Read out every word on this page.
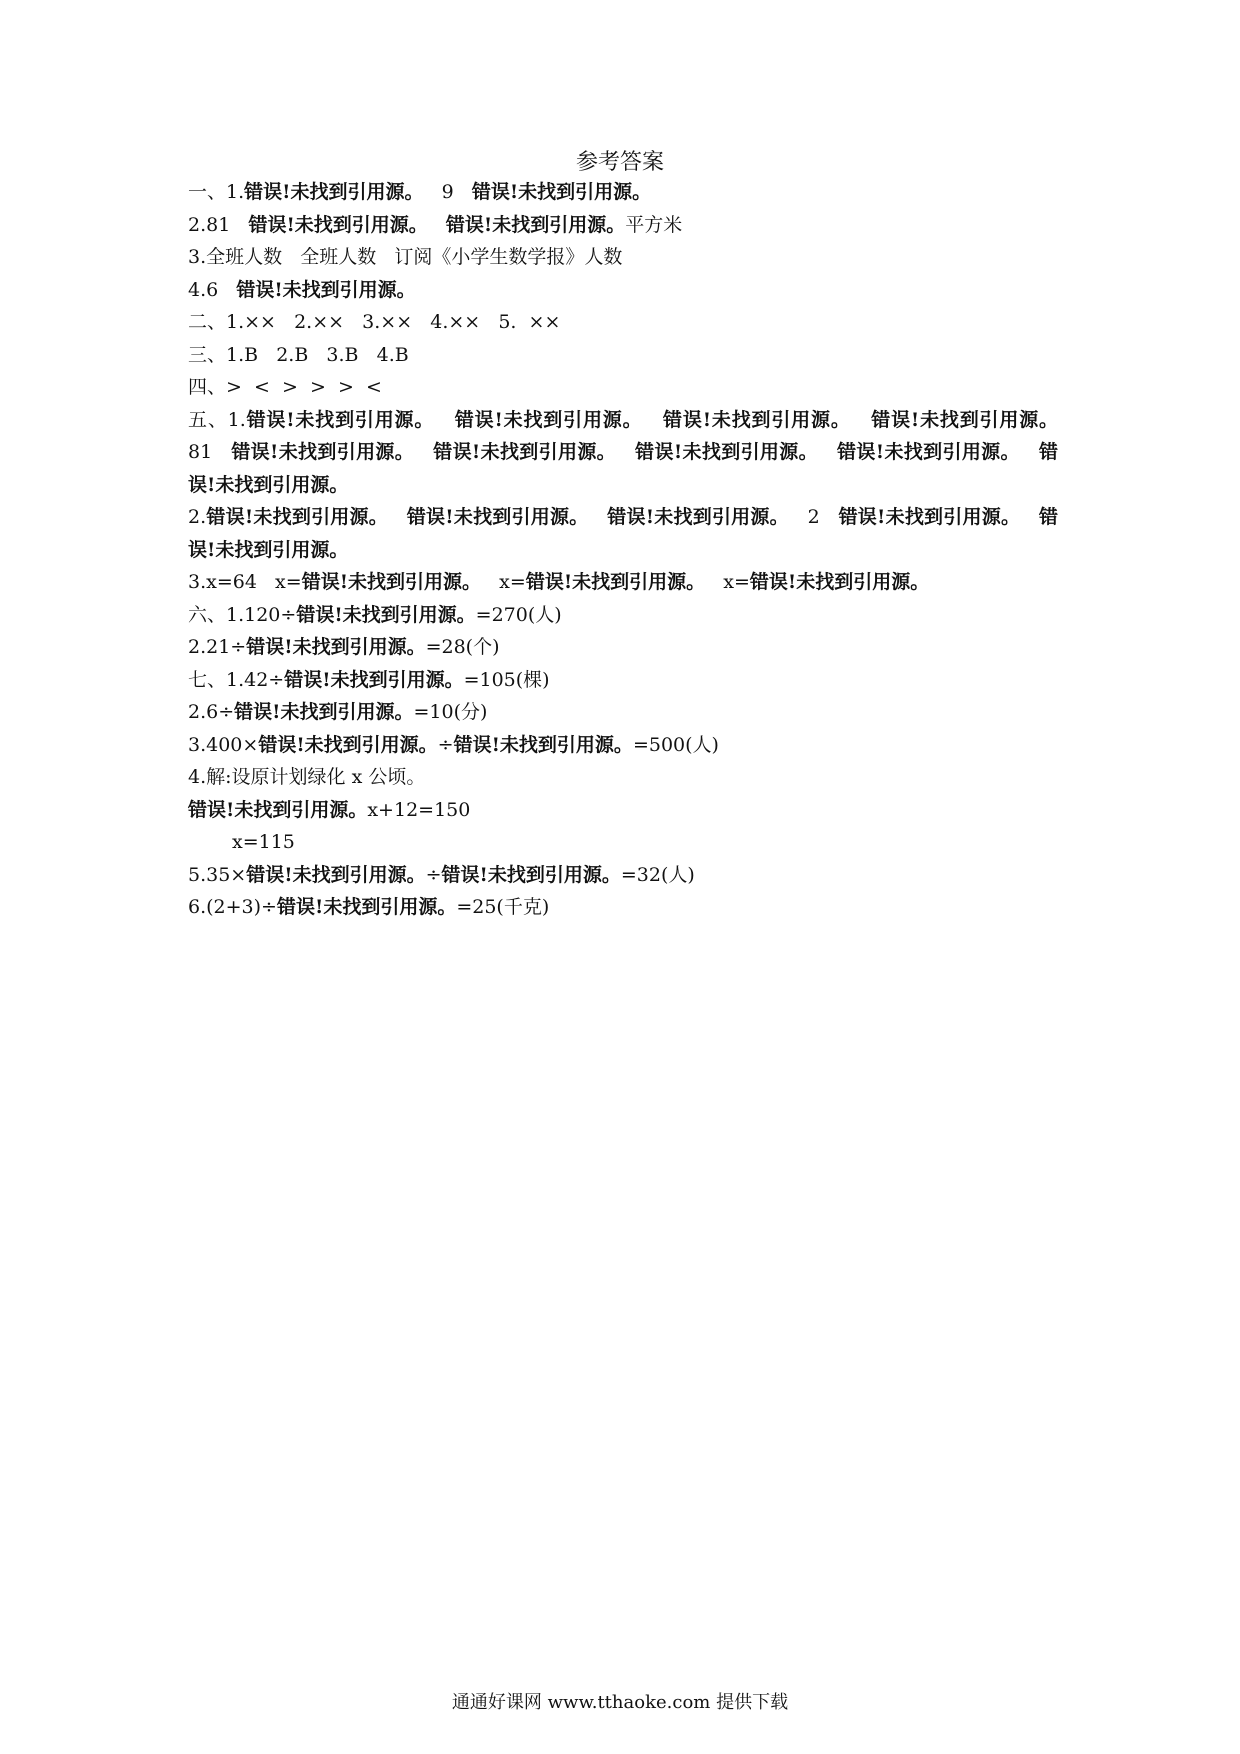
参考答案
一、1.错误!未找到引用源。   9   错误!未找到引用源。
2.81   错误!未找到引用源。 错误!未找到引用源。平方米
3.全班人数   全班人数   订阅《小学生数学报》人数
4.6   错误!未找到引用源。
二、1.××   2.××   3.××   4.××   5.  ××
三、1.B   2.B   3.B   4.B
四、>  <  >  >  >  <
五、1.错误!未找到引用源。 错误!未找到引用源。 错误!未找到引用源。 错误!未找到引用源。   81   错误!未找到引用源。 错误!未找到引用源。 错误!未找到引用源。 错误!未找到引用源。 错误!未找到引用源。
2.错误!未找到引用源。 错误!未找到引用源。 错误!未找到引用源。   2   错误!未找到引用源。 错误!未找到引用源。
3.x=64   x=错误!未找到引用源。   x=错误!未找到引用源。   x=错误!未找到引用源。
六、1.120÷错误!未找到引用源。=270(人)
2.21÷错误!未找到引用源。=28(个)
七、1.42÷错误!未找到引用源。=105(棵)
2.6÷错误!未找到引用源。=10(分)
3.400×错误!未找到引用源。÷错误!未找到引用源。=500(人)
4.解:设原计划绿化 x 公顷。
错误!未找到引用源。x+12=150
x=115
5.35×错误!未找到引用源。÷错误!未找到引用源。=32(人)
6.(2+3)÷错误!未找到引用源。=25(千克)
通通好课网 www.tthaoke.com 提供下载
